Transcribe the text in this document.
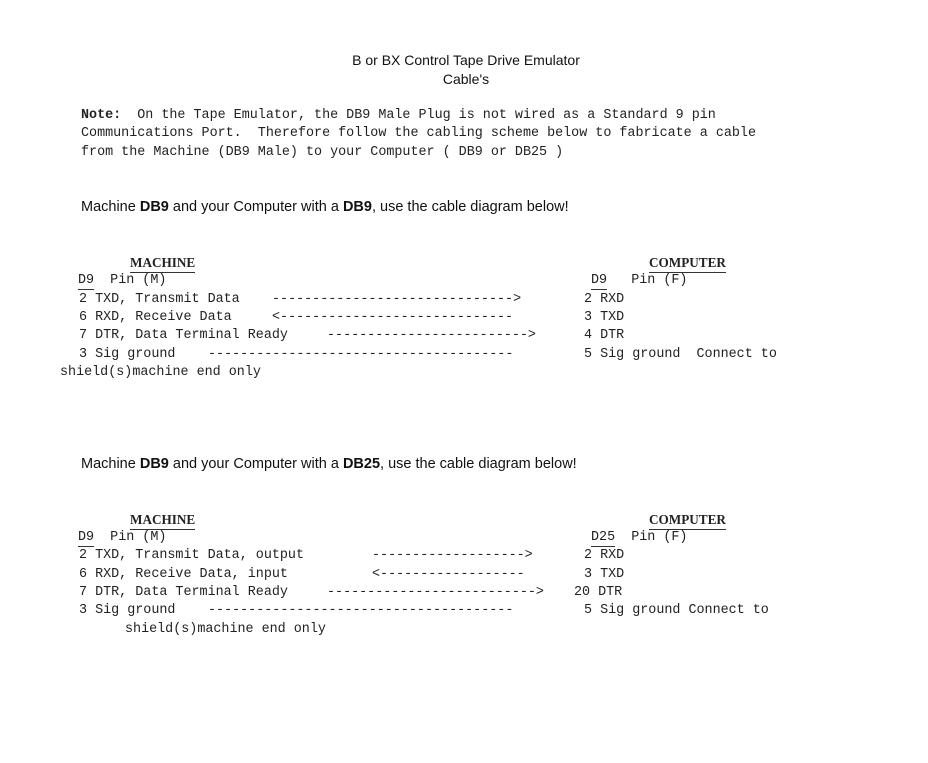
B or BX Control Tape Drive Emulator
Cable's
Note:  On the Tape Emulator, the DB9 Male Plug is not wired as a Standard 9 pin
Communications Port.  Therefore follow the cabling scheme below to fabricate a cable
from the Machine (DB9 Male) to your Computer ( DB9 or DB25 )
Machine DB9 and your Computer with a DB9, use the cable diagram below!
MACHINE	COMPUTER
D9 Pin (M)	D9 Pin (F)
2 TXD, Transmit Data ------------------------------>	2 RXD
6 RXD, Receive Data	<-----------------------------	3 TXD
7 DTR, Data Terminal Ready	------------------------->	4 DTR
3 Sig ground --------------------------------------	5 Sig ground  Connect to
shield(s)machine end only
Machine DB9 and your Computer with a DB25, use the cable diagram below!
MACHINE	COMPUTER
D9 Pin (M)	D25 Pin (F)
2 TXD, Transmit Data, output	------------------->	2 RXD
6 RXD, Receive Data, input	<------------------	3 TXD
7 DTR, Data Terminal Ready	--------------------------> 20 DTR
3 Sig ground --------------------------------------	5 Sig ground Connect to
shield(s)machine end only
